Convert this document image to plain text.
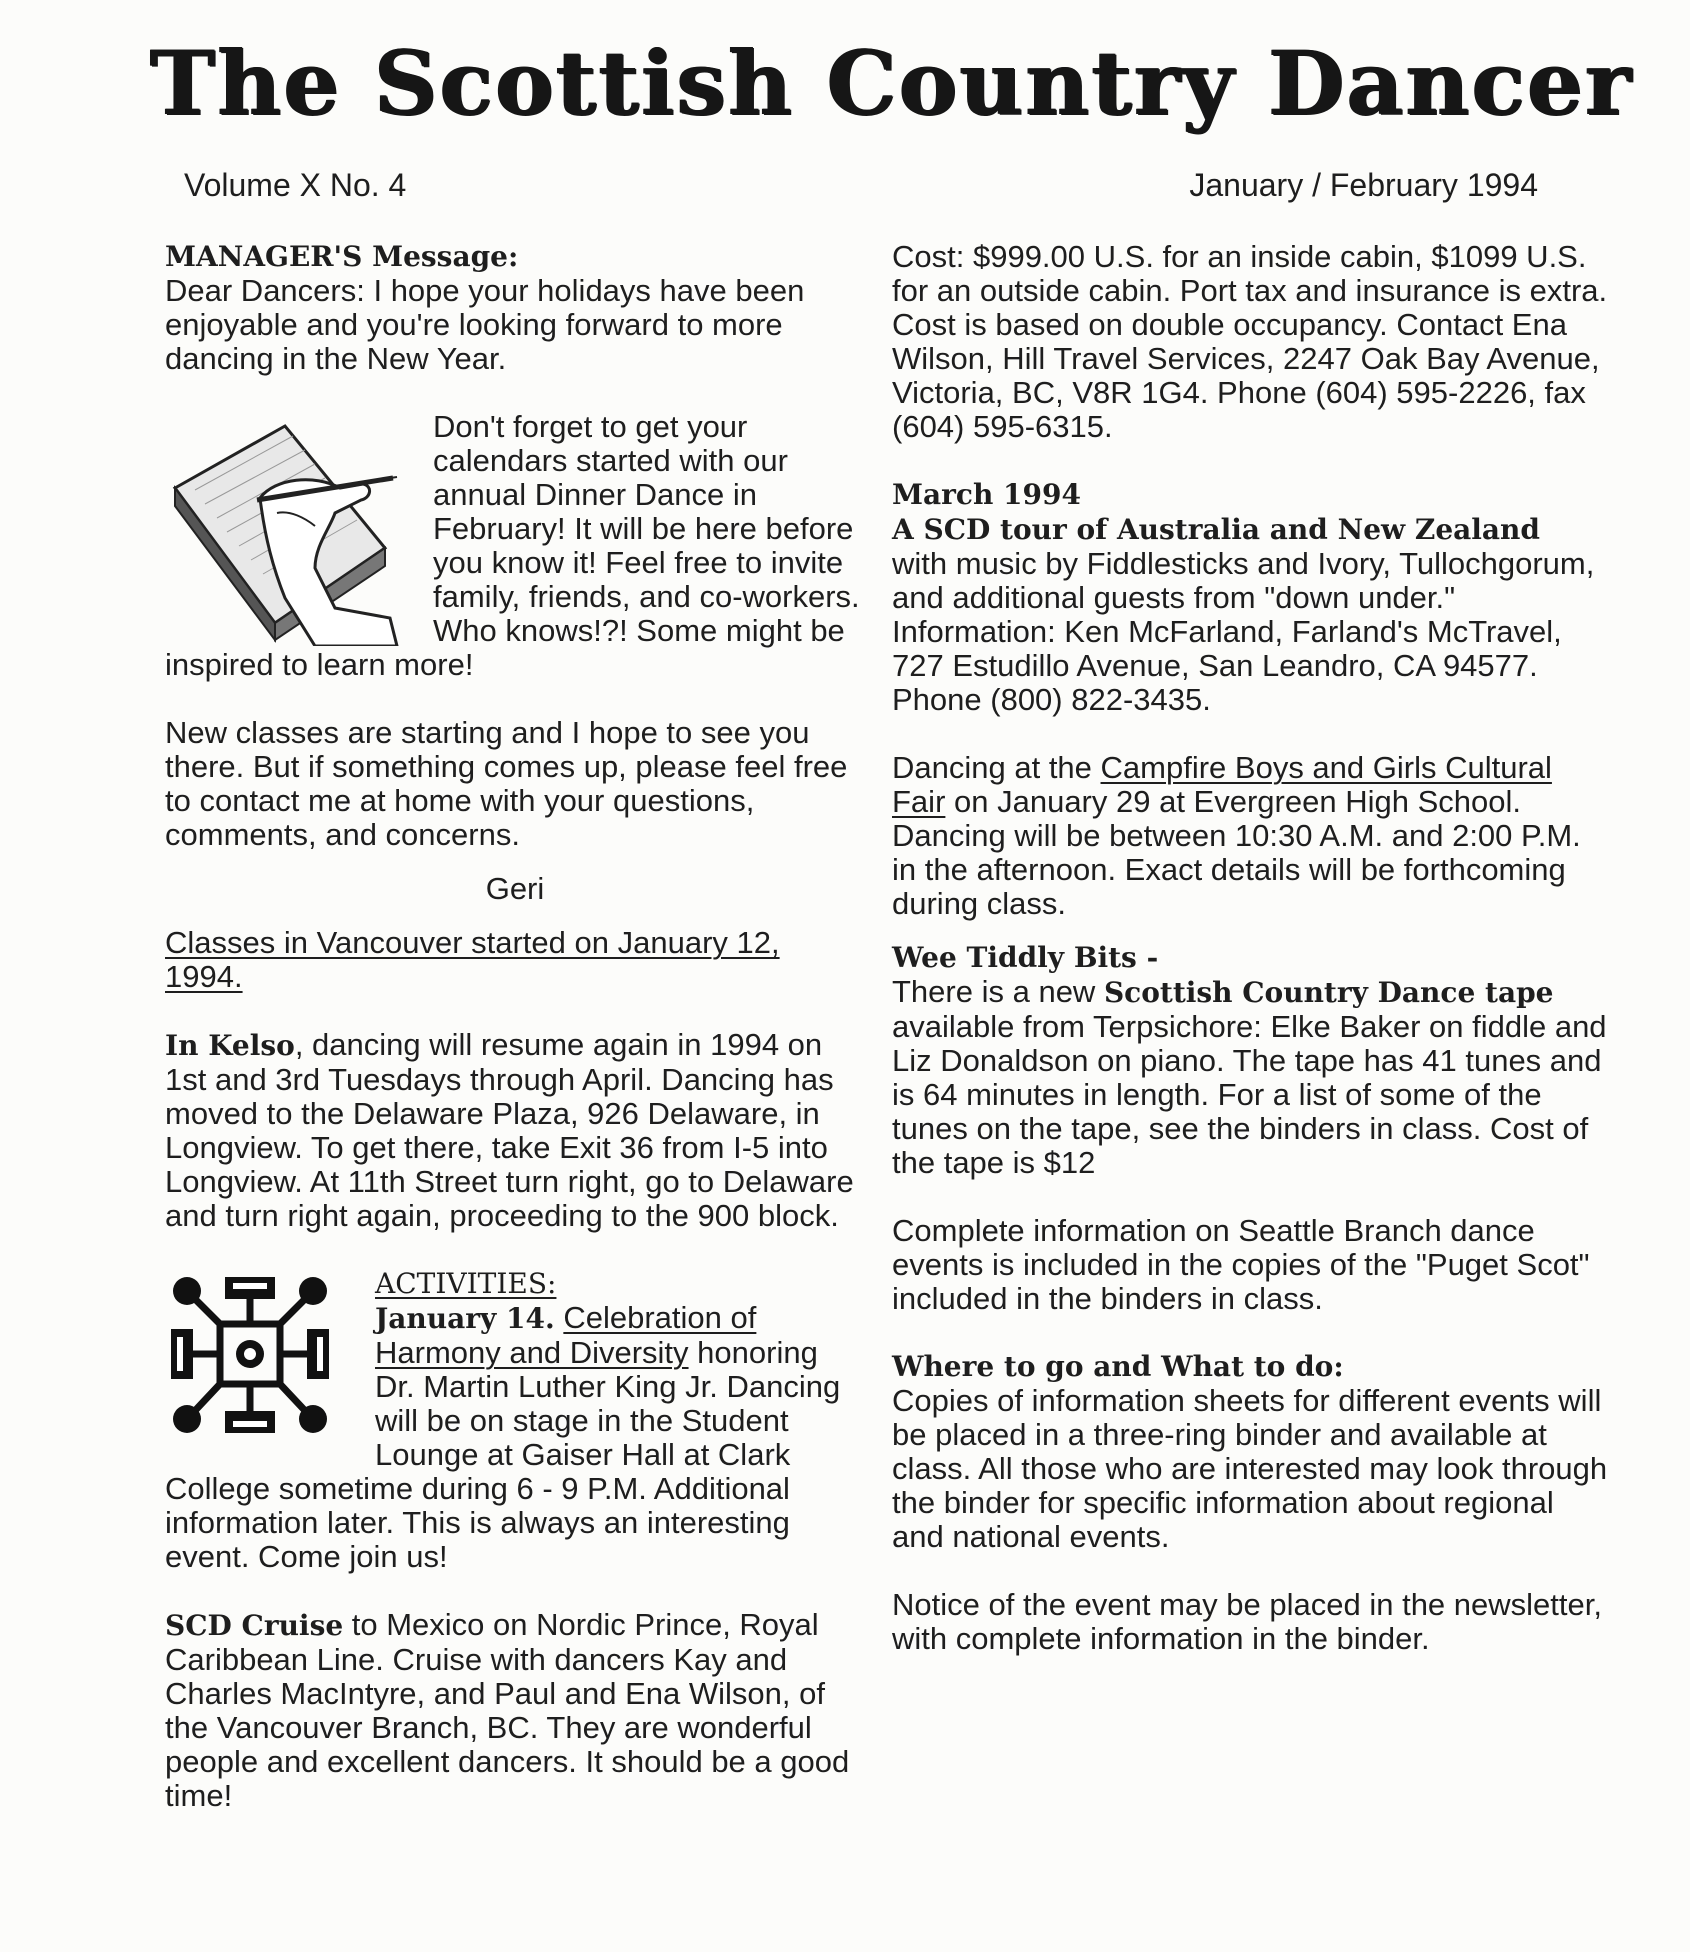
The Scottish Country Dancer
Volume X No. 4	January / February 1994

MANAGER'S Message:

Dear Dancers: I hope your holidays have been enjoyable and you're looking forward to more dancing in the New Year.

Don't forget to get your calendars started with our annual Dinner Dance in February! It will be here before you know it! Feel free to invite family, friends, and co-workers. Who knows!?! Some might be inspired to learn more!

New classes are starting and I hope to see you there. But if something comes up, please feel free to contact me at home with your questions, comments, and concerns.

Geri

Classes in Vancouver started on January 12, 1994.

In Kelso, dancing will resume again in 1994 on 1st and 3rd Tuesdays through April. Dancing has moved to the Delaware Plaza, 926 Delaware, in Longview. To get there, take Exit 36 from I-5 into Longview. At 11th Street turn right, go to Delaware and turn right again, proceeding to the 900 block.

ACTIVITIES:

January 14. Celebration of Harmony and Diversity honoring Dr. Martin Luther King Jr. Dancing will be on stage in the Student Lounge at Gaiser Hall at Clark College sometime during 6 - 9 P.M. Additional information later. This is always an interesting event. Come join us!

SCD Cruise to Mexico on Nordic Prince, Royal Caribbean Line. Cruise with dancers Kay and Charles MacIntyre, and Paul and Ena Wilson, of the Vancouver Branch, BC. They are wonderful people and excellent dancers. It should be a good time!

Cost: $999.00 U.S. for an inside cabin, $1099 U.S. for an outside cabin. Port tax and insurance is extra. Cost is based on double occupancy. Contact Ena Wilson, Hill Travel Services, 2247 Oak Bay Avenue, Victoria, BC, V8R 1G4. Phone (604) 595-2226, fax (604) 595-6315.

March 1994

A SCD tour of Australia and New Zealand

with music by Fiddlesticks and Ivory, Tullochgorum, and additional guests from "down under." Information: Ken McFarland, Farland's McTravel, 727 Estudillo Avenue, San Leandro, CA 94577. Phone (800) 822-3435.

Dancing at the Campfire Boys and Girls Cultural Fair on January 29 at Evergreen High School. Dancing will be between 10:30 A.M. and 2:00 P.M. in the afternoon. Exact details will be forthcoming during class.

Wee Tiddly Bits -

There is a new Scottish Country Dance tape available from Terpsichore: Elke Baker on fiddle and Liz Donaldson on piano. The tape has 41 tunes and is 64 minutes in length. For a list of some of the tunes on the tape, see the binders in class. Cost of the tape is $12

Complete information on Seattle Branch dance events is included in the copies of the "Puget Scot" included in the binders in class.

Where to go and What to do:

Copies of information sheets for different events will be placed in a three-ring binder and available at class. All those who are interested may look through the binder for specific information about regional and national events.

Notice of the event may be placed in the newsletter, with complete information in the binder.
